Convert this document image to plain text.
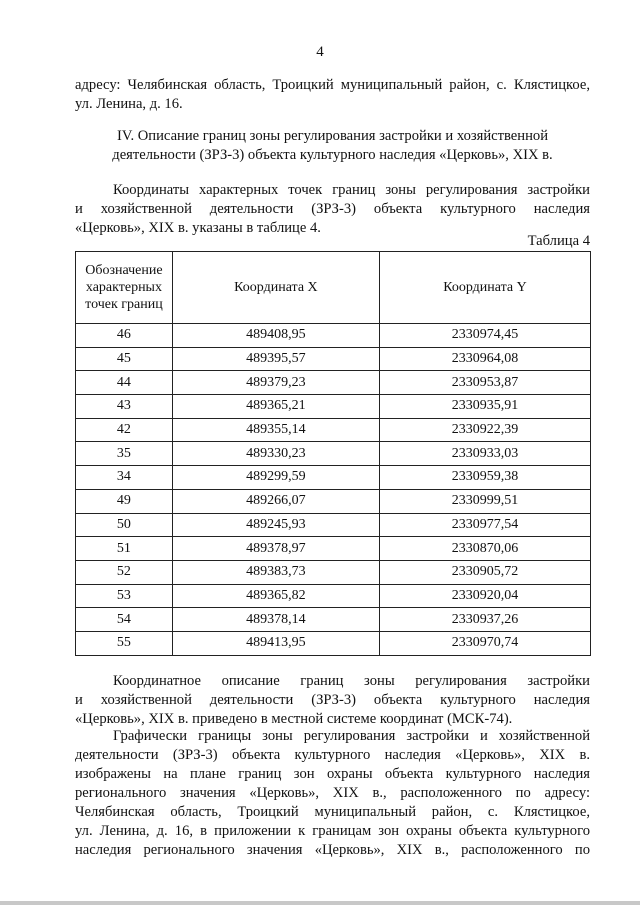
4
адресу: Челябинская область, Троицкий муниципальный район, с. Клястицкое,
ул. Ленина, д. 16.
IV. Описание границ зоны регулирования застройки и хозяйственной
деятельности (ЗРЗ-3) объекта культурного наследия «Церковь», XIX в.
Координаты характерных точек границ зоны регулирования застройки
и хозяйственной деятельности (ЗРЗ-3) объекта культурного наследия
«Церковь», XIX в. указаны в таблице 4.
Таблица 4
Обозначение
характерных
точек границ	Координата X	Координата Y
46	489408,95	2330974,45
45	489395,57	2330964,08
44	489379,23	2330953,87
43	489365,21	2330935,91
42	489355,14	2330922,39
35	489330,23	2330933,03
34	489299,59	2330959,38
49	489266,07	2330999,51
50	489245,93	2330977,54
51	489378,97	2330870,06
52	489383,73	2330905,72
53	489365,82	2330920,04
54	489378,14	2330937,26
55	489413,95	2330970,74
Координатное описание границ зоны регулирования застройки
и хозяйственной деятельности (ЗРЗ-3) объекта культурного наследия
«Церковь», XIX в. приведено в местной системе координат (МСК-74).
Графически границы зоны регулирования застройки и хозяйственной
деятельности (ЗРЗ-3) объекта культурного наследия «Церковь», XIX в.
изображены на плане границ зон охраны объекта культурного наследия
регионального значения «Церковь», XIX в., расположенного по адресу:
Челябинская область, Троицкий муниципальный район, с. Клястицкое,
ул. Ленина, д. 16, в приложении к границам зон охраны объекта культурного
наследия регионального значения «Церковь», XIX в., расположенного по
